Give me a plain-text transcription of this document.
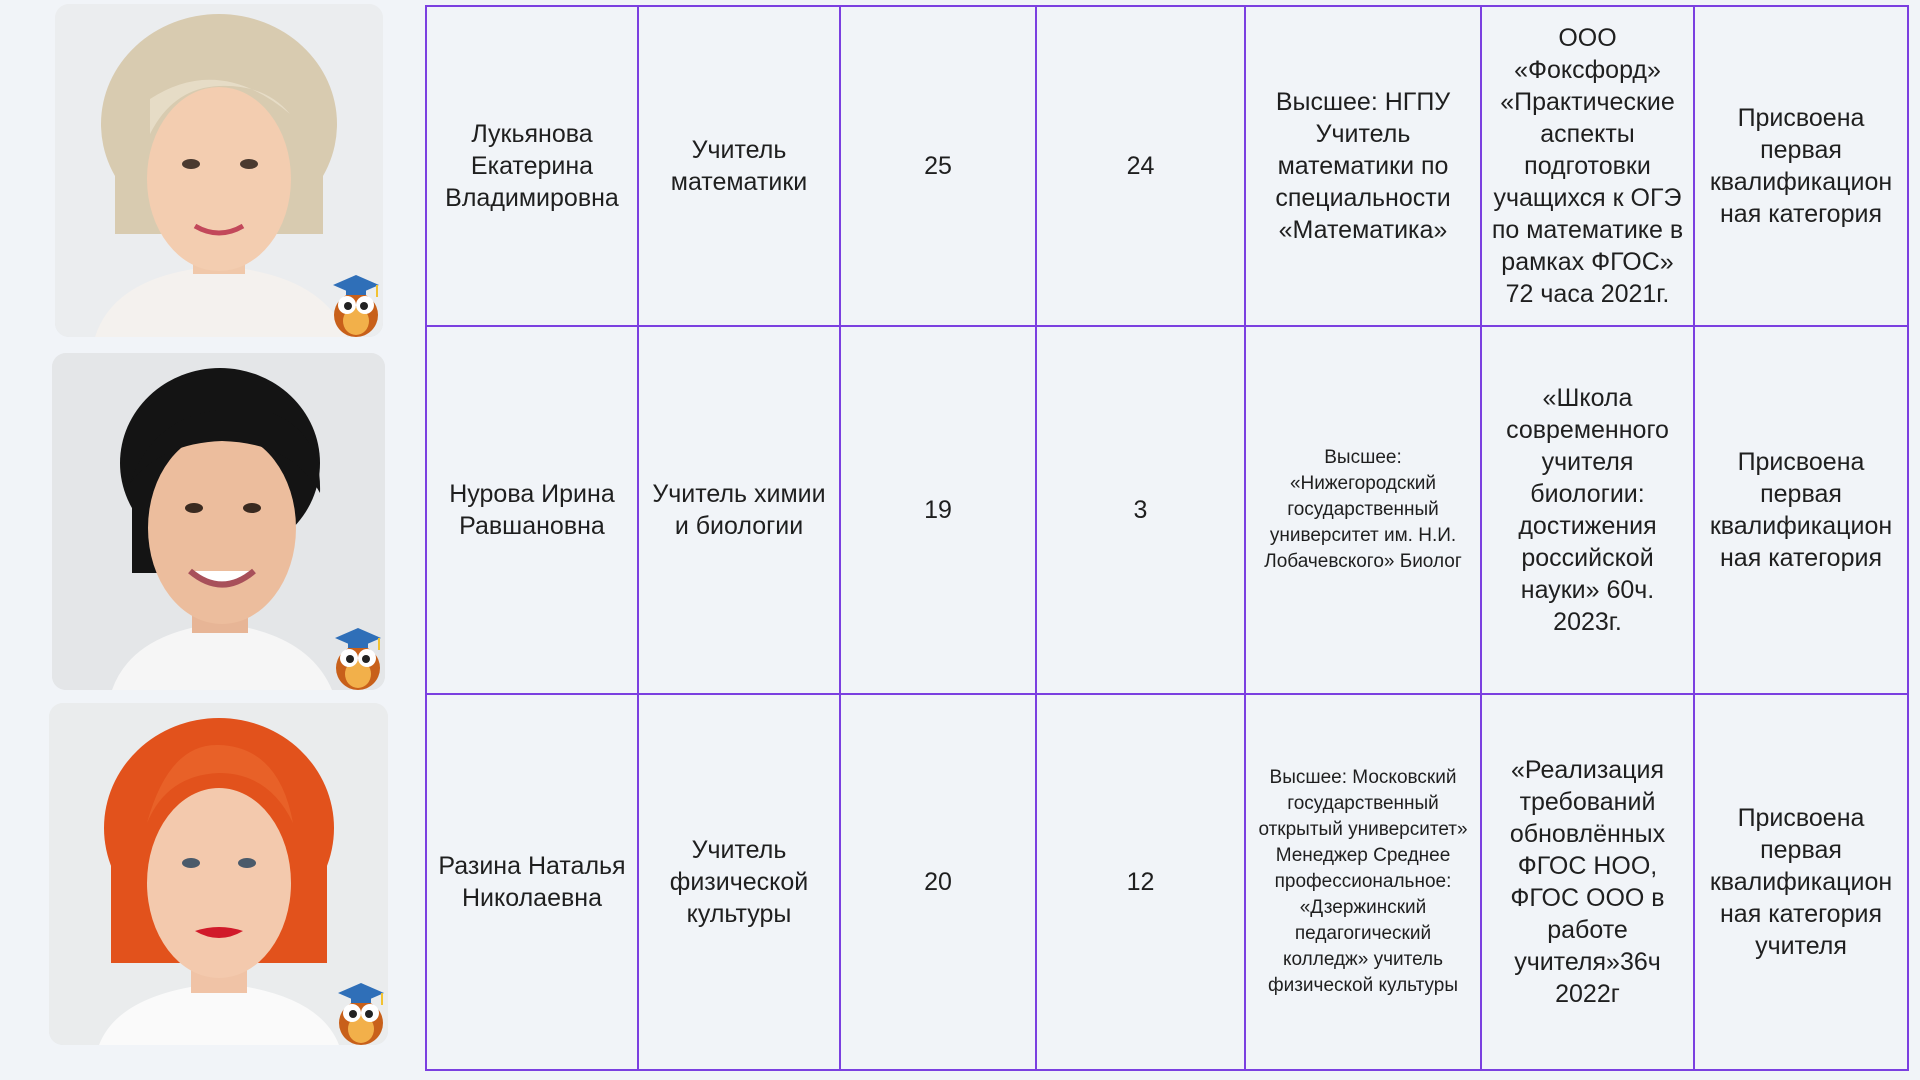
Лукьянова Екатерина Владимировна	Учитель математики	25	24	Высшее: НГПУ Учитель математики по специальности «Математика»	ООО «Фоксфорд» «Практические аспекты подготовки учащихся к ОГЭ по математике в рамках ФГОС» 72 часа 2021г.	Присвоена первая квалификацион ная категория
Нурова Ирина Равшановна	Учитель химии и биологии	19	3	Высшее: «Нижегородский государственный университет им. Н.И. Лобачевского» Биолог	«Школа современного учителя биологии: достижения российской науки» 60ч. 2023г.	Присвоена первая квалификацион ная категория
Разина Наталья Николаевна	Учитель физической культуры	20	12	Высшее: Московский государственный открытый университет» Менеджер Среднее профессиональное: «Дзержинский педагогический колледж» учитель физической культуры	«Реализация требований обновлённых ФГОС НОО, ФГОС ООО в работе учителя»36ч 2022г	Присвоена первая квалификацион ная категория учителя
